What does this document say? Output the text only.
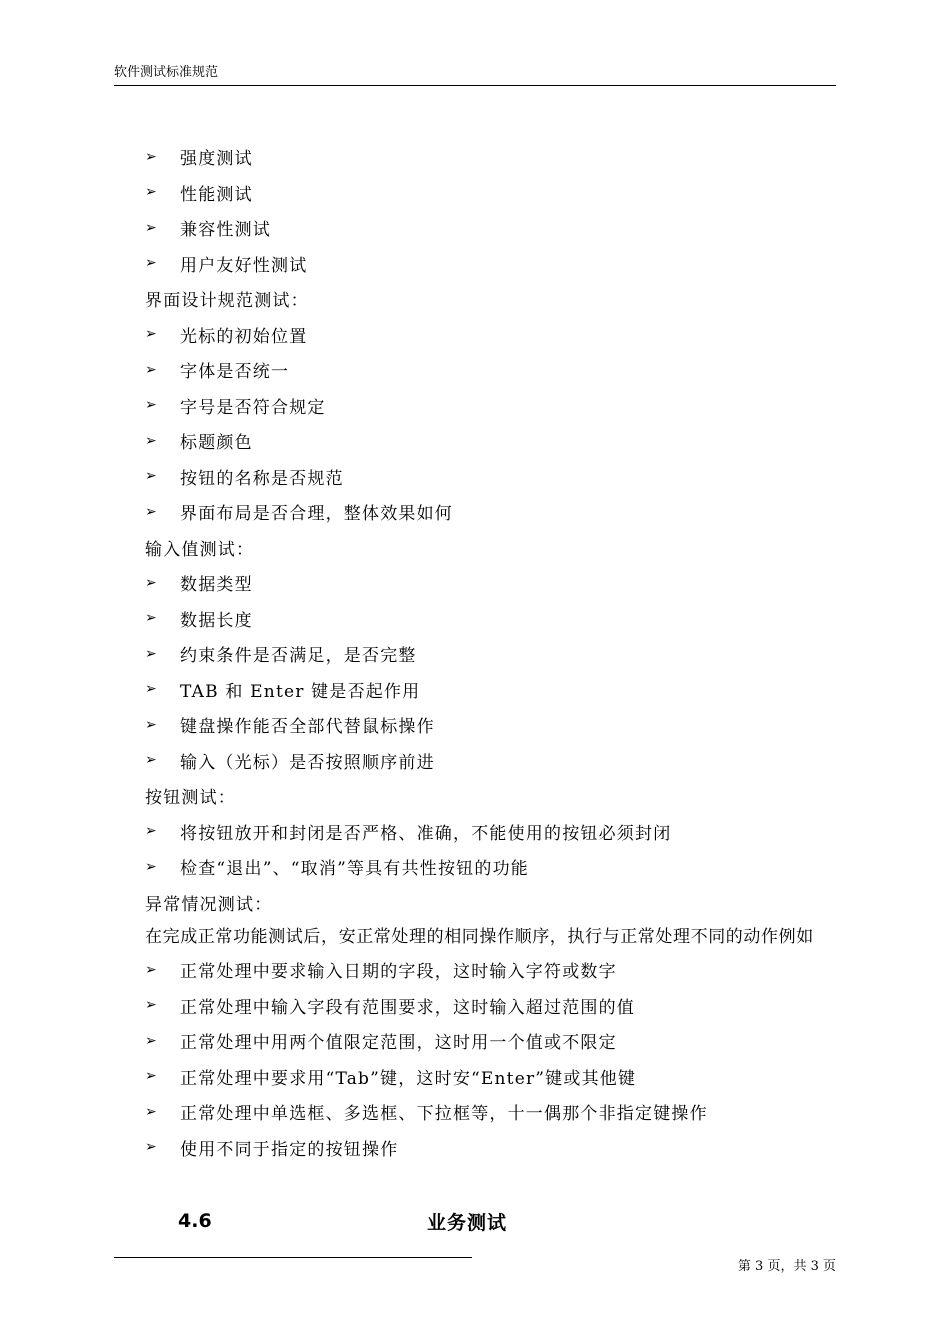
软件测试标准规范
➢	强度测试
➢	性能测试
➢	兼容性测试
➢	用户友好性测试
界面设计规范测试：
➢	光标的初始位置
➢	字体是否统一
➢	字号是否符合规定
➢	标题颜色
➢	按钮的名称是否规范
➢	界面布局是否合理，整体效果如何
输入值测试：
➢	数据类型
➢	数据长度
➢	约束条件是否满足，是否完整
➢	TAB 和 Enter 键是否起作用
➢	键盘操作能否全部代替鼠标操作
➢	输入（光标）是否按照顺序前进
按钮测试：
➢	将按钮放开和封闭是否严格、准确，不能使用的按钮必须封闭
➢	检查“退出”、“取消”等具有共性按钮的功能
异常情况测试：
在完成正常功能测试后，安正常处理的相同操作顺序，执行与正常处理不同的动作例如
➢	正常处理中要求输入日期的字段，这时输入字符或数字
➢	正常处理中输入字段有范围要求，这时输入超过范围的值
➢	正常处理中用两个值限定范围，这时用一个值或不限定
➢	正常处理中要求用“Tab”键，这时安“Enter”键或其他键
➢	正常处理中单选框、多选框、下拉框等，十一偶那个非指定键操作
➢	使用不同于指定的按钮操作
4.6	业务测试
第 3 页，共 3 页
